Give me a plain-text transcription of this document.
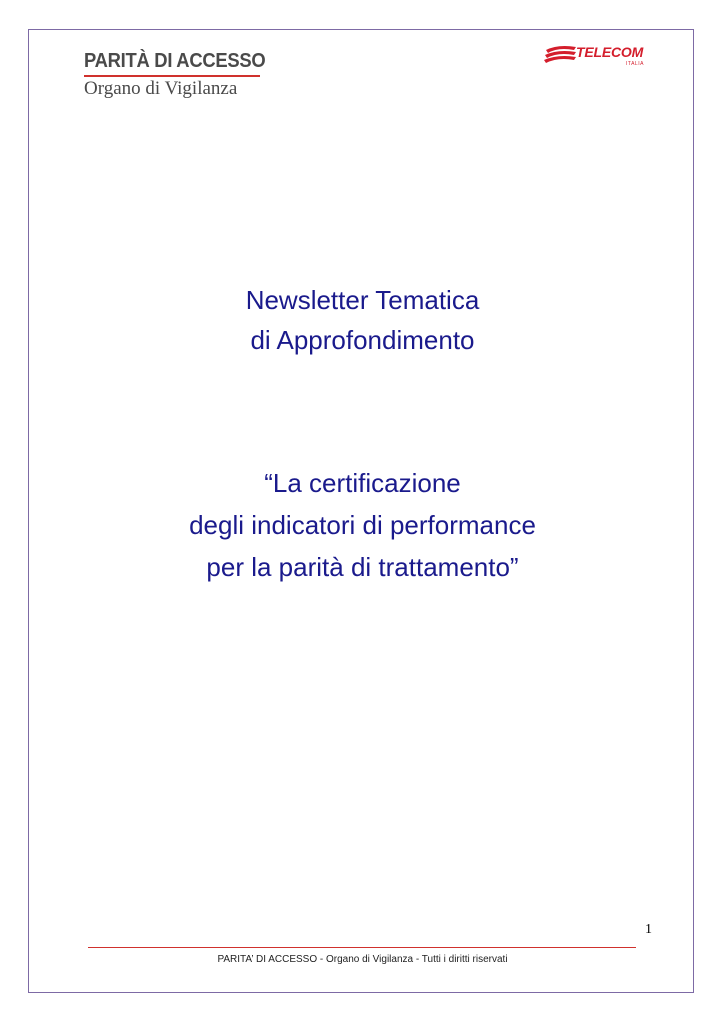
PARITÀ DI ACCESSO
Organo di Vigilanza
TELECOM
ITALIA
Newsletter Tematica
di Approfondimento
“La certificazione
degli indicatori di performance
per la parità di trattamento”
1
PARITA’ DI ACCESSO - Organo di Vigilanza - Tutti i diritti riservati
